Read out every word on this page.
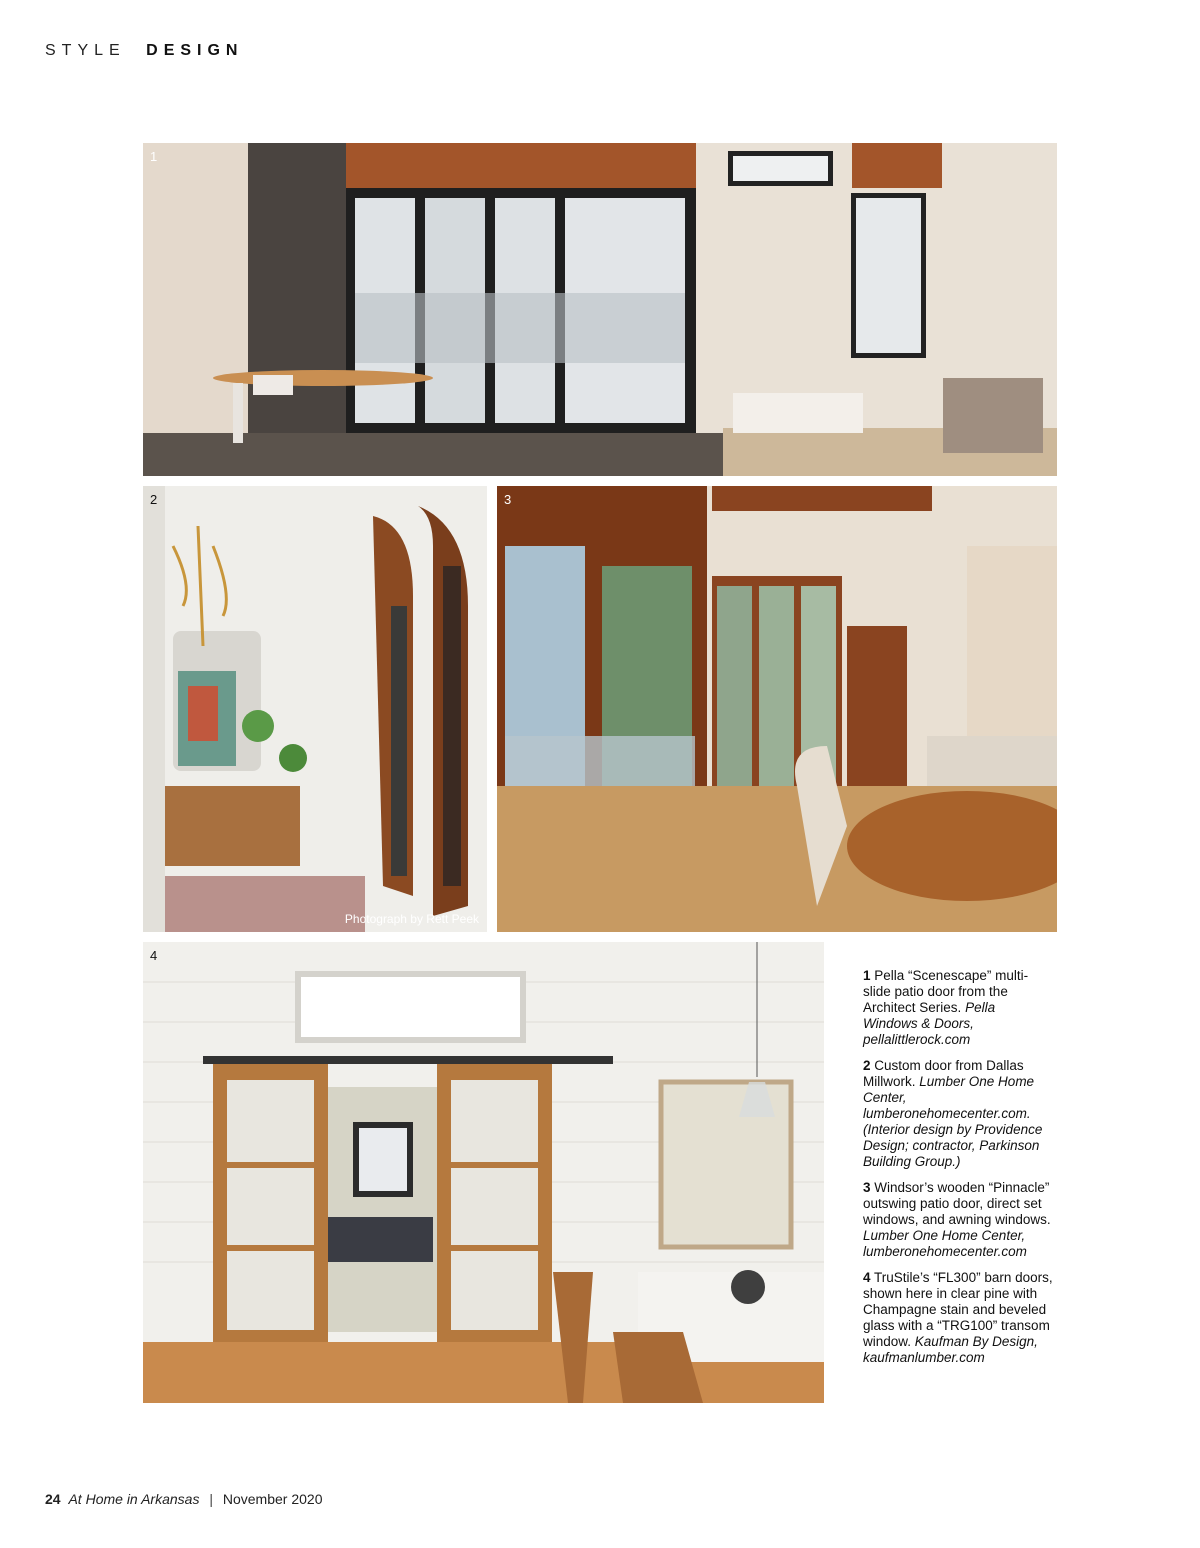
STYLE DESIGN
1
2
Photograph by Rett Peek
3
4

1 Pella “Scenescape” multi-slide patio door from the Architect Series. Pella Windows & Doors, pellalittlerock.com

2 Custom door from Dallas Millwork. Lumber One Home Center, lumberonehomecenter.com. (Interior design by Providence Design; contractor, Parkinson Building Group.)

3 Windsor’s wooden “Pinnacle” outswing patio door, direct set windows, and awning windows. Lumber One Home Center, lumberonehomecenter.com

4 TruStile’s “FL300” barn doors, shown here in clear pine with Champagne stain and beveled glass with a “TRG100” transom window. Kaufman By Design, kaufmanlumber.com

24 At Home in Arkansas | November 2020
